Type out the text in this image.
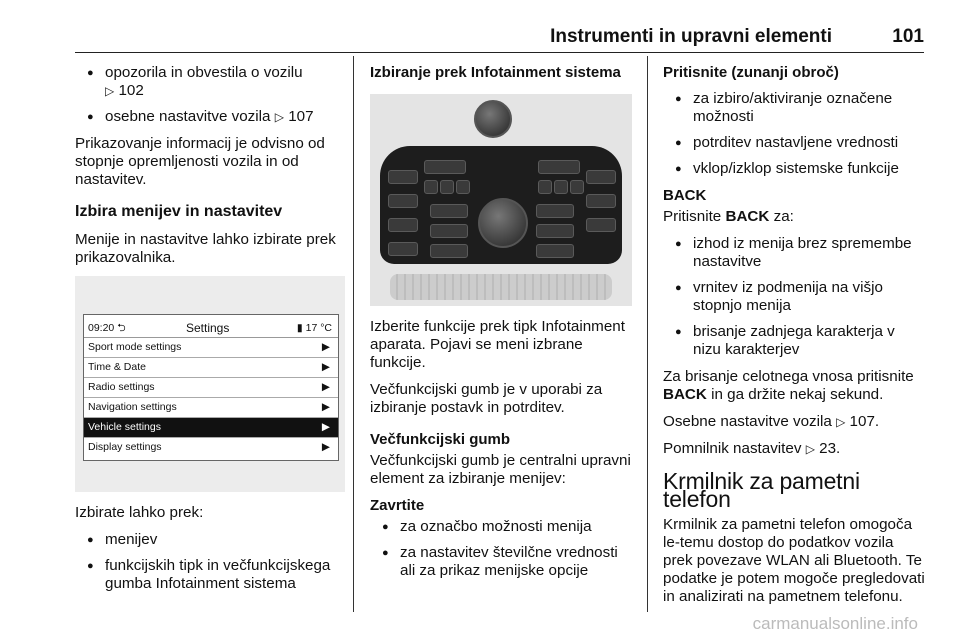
Instrumenti in upravni elementi	101
● opozorila in obvestila o vozilu
▷ 102
● osebne nastavitve vozila ▷ 107

Prikazovanje informacij je odvisno od stopnje opremljenosti vozila in od nastavitev.

Izbira menijev in nastavitev

Menije in nastavitve lahko izbirate prek prikazovalnika.

09:20 ⮌	Settings	▮ 17 °C
Sport mode settings	▶
Time & Date	▶
Radio settings	▶
Navigation settings	▶
Vehicle settings	▶
Display settings	▶

Izbirate lahko prek:

● menijev
● funkcijskih tipk in večfunkcijskega gumba Infotainment sistema
Izbiranje prek Infotainment sistema

Izberite funkcije prek tipk Infotainment aparata. Pojavi se meni izbrane funkcije.

Večfunkcijski gumb je v uporabi za izbiranje postavk in potrditev.

Večfunkcijski gumb

Večfunkcijski gumb je centralni upravni element za izbiranje menijev:

Zavrtite
● za označbo možnosti menija
● za nastavitev številčne vrednosti ali za prikaz menijske opcije
Pritisnite (zunanji obroč)
● za izbiro/aktiviranje označene možnosti
● potrditev nastavljene vrednosti
● vklop/izklop sistemske funkcije
BACK

Pritisnite BACK za:

● izhod iz menija brez spremembe nastavitve
● vrnitev iz podmenija na višjo stopnjo menija
● brisanje zadnjega karakterja v nizu karakterjev

Za brisanje celotnega vnosa pritisnite BACK in ga držite nekaj sekund.

Osebne nastavitve vozila ▷ 107.

Pomnilnik nastavitev ▷ 23.

Krmilnik za pametni telefon

Krmilnik za pametni telefon omogoča le-temu dostop do podatkov vozila prek povezave WLAN ali Bluetooth. Te podatke je potem mogoče pregledovati in analizirati na pametnem telefonu.

carmanualsonline.info
